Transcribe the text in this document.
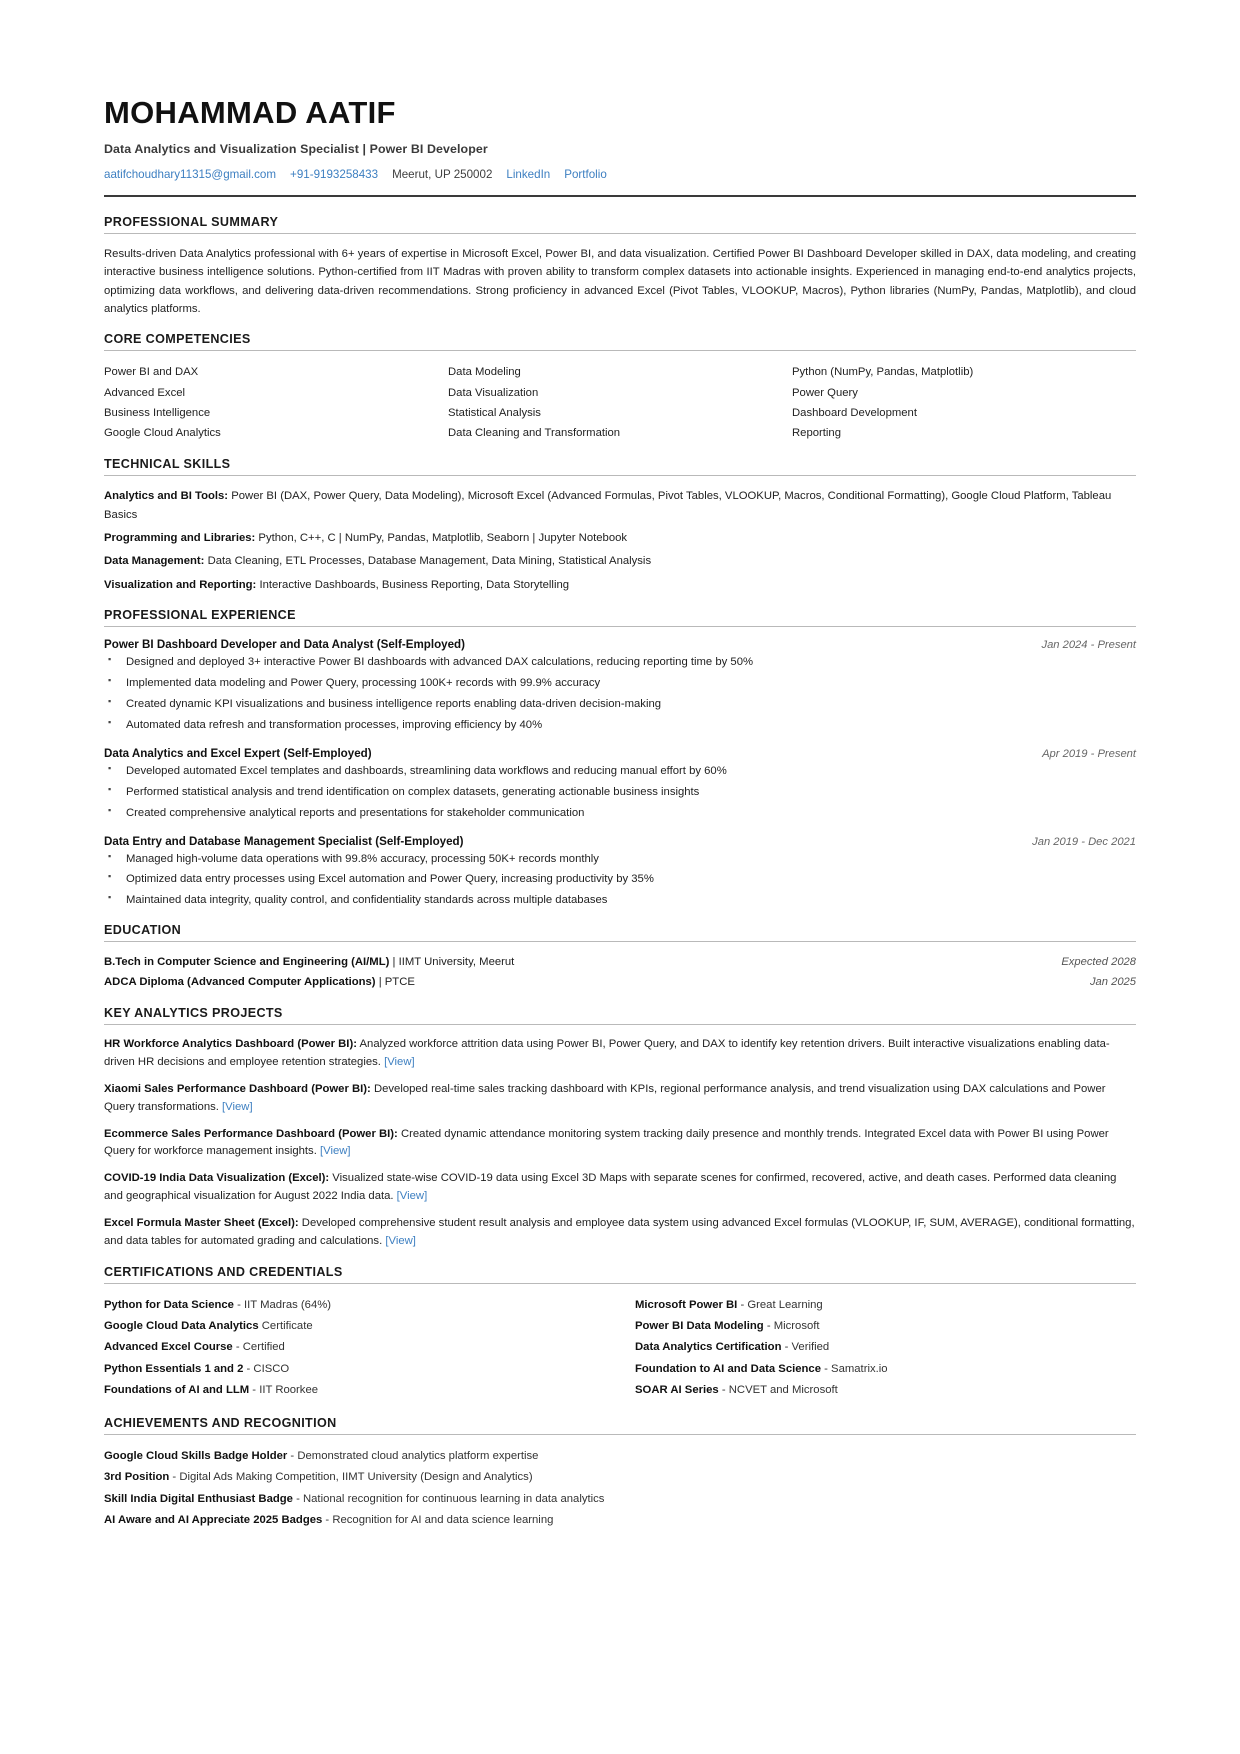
MOHAMMAD AATIF
Data Analytics and Visualization Specialist | Power BI Developer
aatifchoudhary11315@gmail.com +91-9193258433 Meerut, UP 250002 LinkedIn Portfolio
PROFESSIONAL SUMMARY

Results-driven Data Analytics professional with 6+ years of expertise in Microsoft Excel, Power BI, and data visualization. Certified Power BI Dashboard Developer skilled in DAX, data modeling, and creating interactive business intelligence solutions. Python-certified from IIT Madras with proven ability to transform complex datasets into actionable insights. Experienced in managing end-to-end analytics projects, optimizing data workflows, and delivering data-driven recommendations. Strong proficiency in advanced Excel (Pivot Tables, VLOOKUP, Macros), Python libraries (NumPy, Pandas, Matplotlib), and cloud analytics platforms.

CORE COMPETENCIES
Power BI and DAX	Data Modeling	Python (NumPy, Pandas, Matplotlib)
Advanced Excel	Data Visualization	Power Query
Business Intelligence	Statistical Analysis	Dashboard Development
Google Cloud Analytics	Data Cleaning and Transformation	Reporting
TECHNICAL SKILLS

Analytics and BI Tools: Power BI (DAX, Power Query, Data Modeling), Microsoft Excel (Advanced Formulas, Pivot Tables, VLOOKUP, Macros, Conditional Formatting), Google Cloud Platform, Tableau Basics

Programming and Libraries: Python, C++, C | NumPy, Pandas, Matplotlib, Seaborn | Jupyter Notebook

Data Management: Data Cleaning, ETL Processes, Database Management, Data Mining, Statistical Analysis

Visualization and Reporting: Interactive Dashboards, Business Reporting, Data Storytelling

PROFESSIONAL EXPERIENCE
Power BI Dashboard Developer and Data Analyst (Self-Employed)	Jan 2024 - Present
▪ Designed and deployed 3+ interactive Power BI dashboards with advanced DAX calculations, reducing reporting time by 50%
▪ Implemented data modeling and Power Query, processing 100K+ records with 99.9% accuracy
▪ Created dynamic KPI visualizations and business intelligence reports enabling data-driven decision-making
▪ Automated data refresh and transformation processes, improving efficiency by 40%
Data Analytics and Excel Expert (Self-Employed)	Apr 2019 - Present
▪ Developed automated Excel templates and dashboards, streamlining data workflows and reducing manual effort by 60%
▪ Performed statistical analysis and trend identification on complex datasets, generating actionable business insights
▪ Created comprehensive analytical reports and presentations for stakeholder communication
Data Entry and Database Management Specialist (Self-Employed)	Jan 2019 - Dec 2021
▪ Managed high-volume data operations with 99.8% accuracy, processing 50K+ records monthly
▪ Optimized data entry processes using Excel automation and Power Query, increasing productivity by 35%
▪ Maintained data integrity, quality control, and confidentiality standards across multiple databases
EDUCATION
B.Tech in Computer Science and Engineering (AI/ML) | IIMT University, Meerut	Expected 2028
ADCA Diploma (Advanced Computer Applications) | PTCE	Jan 2025
KEY ANALYTICS PROJECTS

HR Workforce Analytics Dashboard (Power BI): Analyzed workforce attrition data using Power BI, Power Query, and DAX to identify key retention drivers. Built interactive visualizations enabling data-driven HR decisions and employee retention strategies. [View]

Xiaomi Sales Performance Dashboard (Power BI): Developed real-time sales tracking dashboard with KPIs, regional performance analysis, and trend visualization using DAX calculations and Power Query transformations. [View]

Ecommerce Sales Performance Dashboard (Power BI): Created dynamic attendance monitoring system tracking daily presence and monthly trends. Integrated Excel data with Power BI using Power Query for workforce management insights. [View]

COVID-19 India Data Visualization (Excel): Visualized state-wise COVID-19 data using Excel 3D Maps with separate scenes for confirmed, recovered, active, and death cases. Performed data cleaning and geographical visualization for August 2022 India data. [View]

Excel Formula Master Sheet (Excel): Developed comprehensive student result analysis and employee data system using advanced Excel formulas (VLOOKUP, IF, SUM, AVERAGE), conditional formatting, and data tables for automated grading and calculations. [View]

CERTIFICATIONS AND CREDENTIALS
Python for Data Science - IIT Madras (64%)	Microsoft Power BI - Great Learning
Google Cloud Data Analytics Certificate	Power BI Data Modeling - Microsoft
Advanced Excel Course - Certified	Data Analytics Certification - Verified
Python Essentials 1 and 2 - CISCO	Foundation to AI and Data Science - Samatrix.io
Foundations of AI and LLM - IIT Roorkee	SOAR AI Series - NCVET and Microsoft
ACHIEVEMENTS AND RECOGNITION
Google Cloud Skills Badge Holder - Demonstrated cloud analytics platform expertise
3rd Position - Digital Ads Making Competition, IIMT University (Design and Analytics)
Skill India Digital Enthusiast Badge - National recognition for continuous learning in data analytics
AI Aware and AI Appreciate 2025 Badges - Recognition for AI and data science learning
